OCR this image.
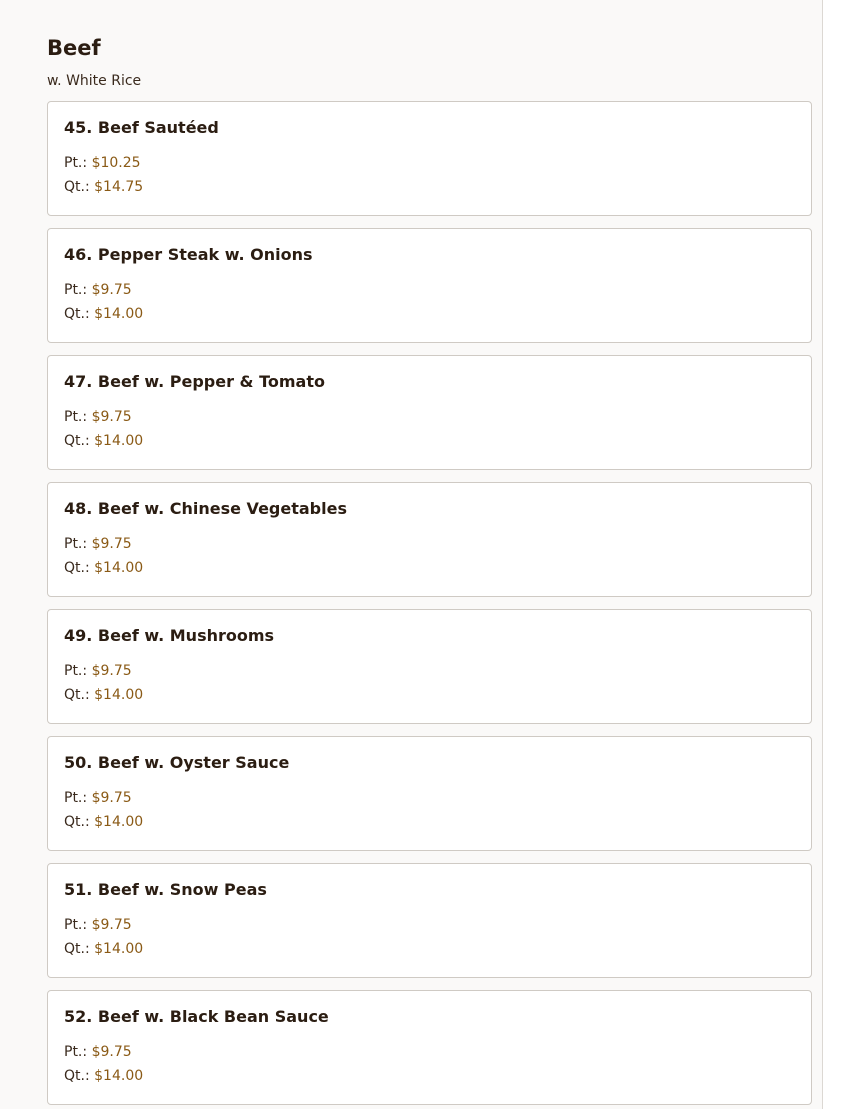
Beef
w. White Rice
45. Beef Sautéed
Pt.: $10.25
Qt.: $14.75
46. Pepper Steak w. Onions
Pt.: $9.75
Qt.: $14.00
47. Beef w. Pepper & Tomato
Pt.: $9.75
Qt.: $14.00
48. Beef w. Chinese Vegetables
Pt.: $9.75
Qt.: $14.00
49. Beef w. Mushrooms
Pt.: $9.75
Qt.: $14.00
50. Beef w. Oyster Sauce
Pt.: $9.75
Qt.: $14.00
51. Beef w. Snow Peas
Pt.: $9.75
Qt.: $14.00
52. Beef w. Black Bean Sauce
Pt.: $9.75
Qt.: $14.00
